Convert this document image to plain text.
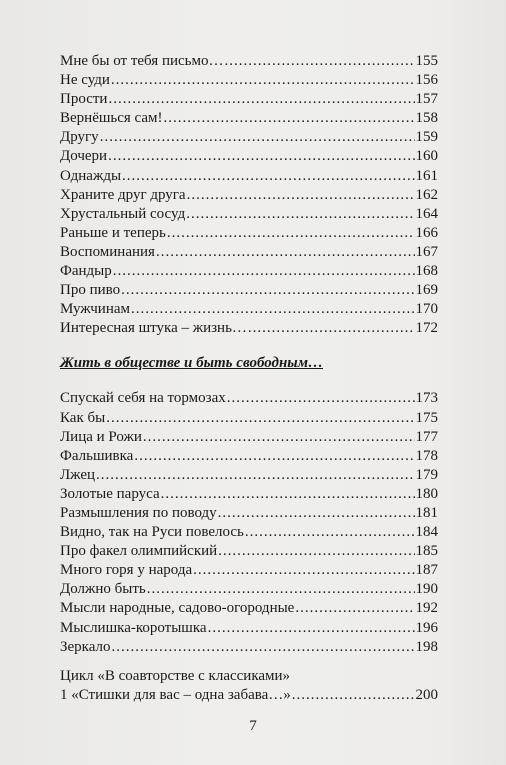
Мне бы от тебя письмо… .....	155
Не суди .....	156
Прости .....	157
Вернёшься сам! .....	158
Другу .....	159
Дочери .....	160
Однажды .....	161
Храните друг друга .....	162
Хрустальный сосуд .....	164
Раньше и теперь .....	166
Воспоминания .....	167
Фандыр .....	168
Про пиво .....	169
Мужчинам .....	170
Интересная штука – жизнь… .....	172
Жить в обществе и быть свободным…
Спускай себя на тормозах .....	173
Как бы .....	175
Лица и Рожи .....	177
Фальшивка .....	178
Лжец .....	179
Золотые паруса .....	180
Размышления по поводу .....	181
Видно, так на Руси повелось .....	184
Про факел олимпийский .....	185
Много горя у народа .....	187
Должно быть .....	190
Мысли народные, садово-огородные .....	192
Мыслишка-коротышка .....	196
Зеркало .....	198
Цикл «В соавторстве с классиками»
1 «Стишки для вас – одна забава…» .....	200
7
